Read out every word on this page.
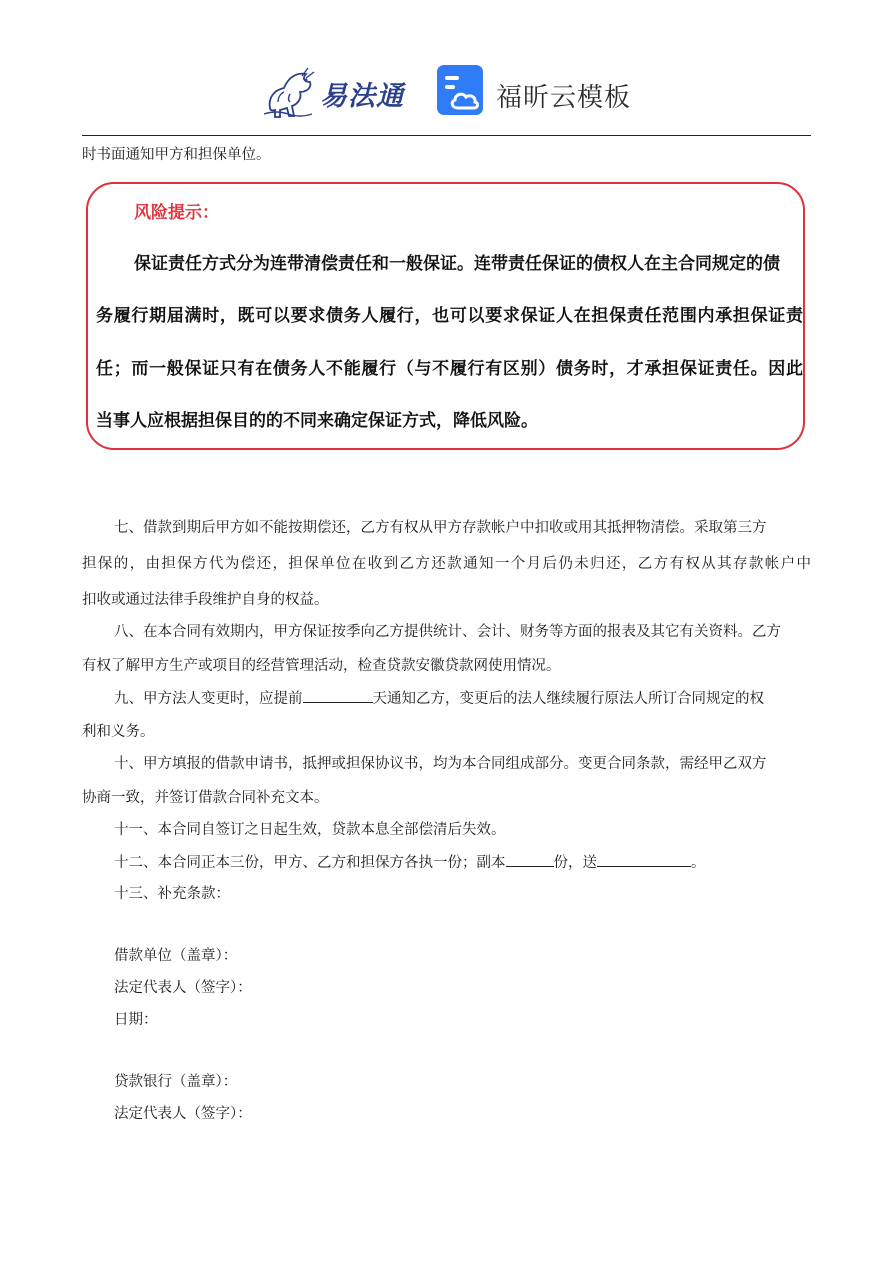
易法通	福昕云模板
时书面通知甲方和担保单位。
风险提示：
保证责任方式分为连带清偿责任和一般保证。连带责任保证的债权人在主合同规定的债
务履行期届满时，既可以要求债务人履行，也可以要求保证人在担保责任范围内承担保证责
任；而一般保证只有在债务人不能履行（与不履行有区别）债务时，才承担保证责任。因此
当事人应根据担保目的的不同来确定保证方式，降低风险。
七、借款到期后甲方如不能按期偿还，乙方有权从甲方存款帐户中扣收或用其抵押物清偿。采取第三方
担保的，由担保方代为偿还，担保单位在收到乙方还款通知一个月后仍未归还，乙方有权从其存款帐户中
扣收或通过法律手段维护自身的权益。
八、在本合同有效期内，甲方保证按季向乙方提供统计、会计、财务等方面的报表及其它有关资料。乙方
有权了解甲方生产或项目的经营管理活动，检查贷款安徽贷款网使用情况。
九、甲方法人变更时，应提前	天通知乙方，变更后的法人继续履行原法人所订合同规定的权
利和义务。
十、甲方填报的借款申请书，抵押或担保协议书，均为本合同组成部分。变更合同条款，需经甲乙双方
协商一致，并签订借款合同补充文本。
十一、本合同自签订之日起生效，贷款本息全部偿清后失效。
十二、本合同正本三份，甲方、乙方和担保方各执一份；副本	份，送	。
十三、补充条款：
借款单位（盖章）：
法定代表人（签字）：
日期：
贷款银行（盖章）：
法定代表人（签字）：
